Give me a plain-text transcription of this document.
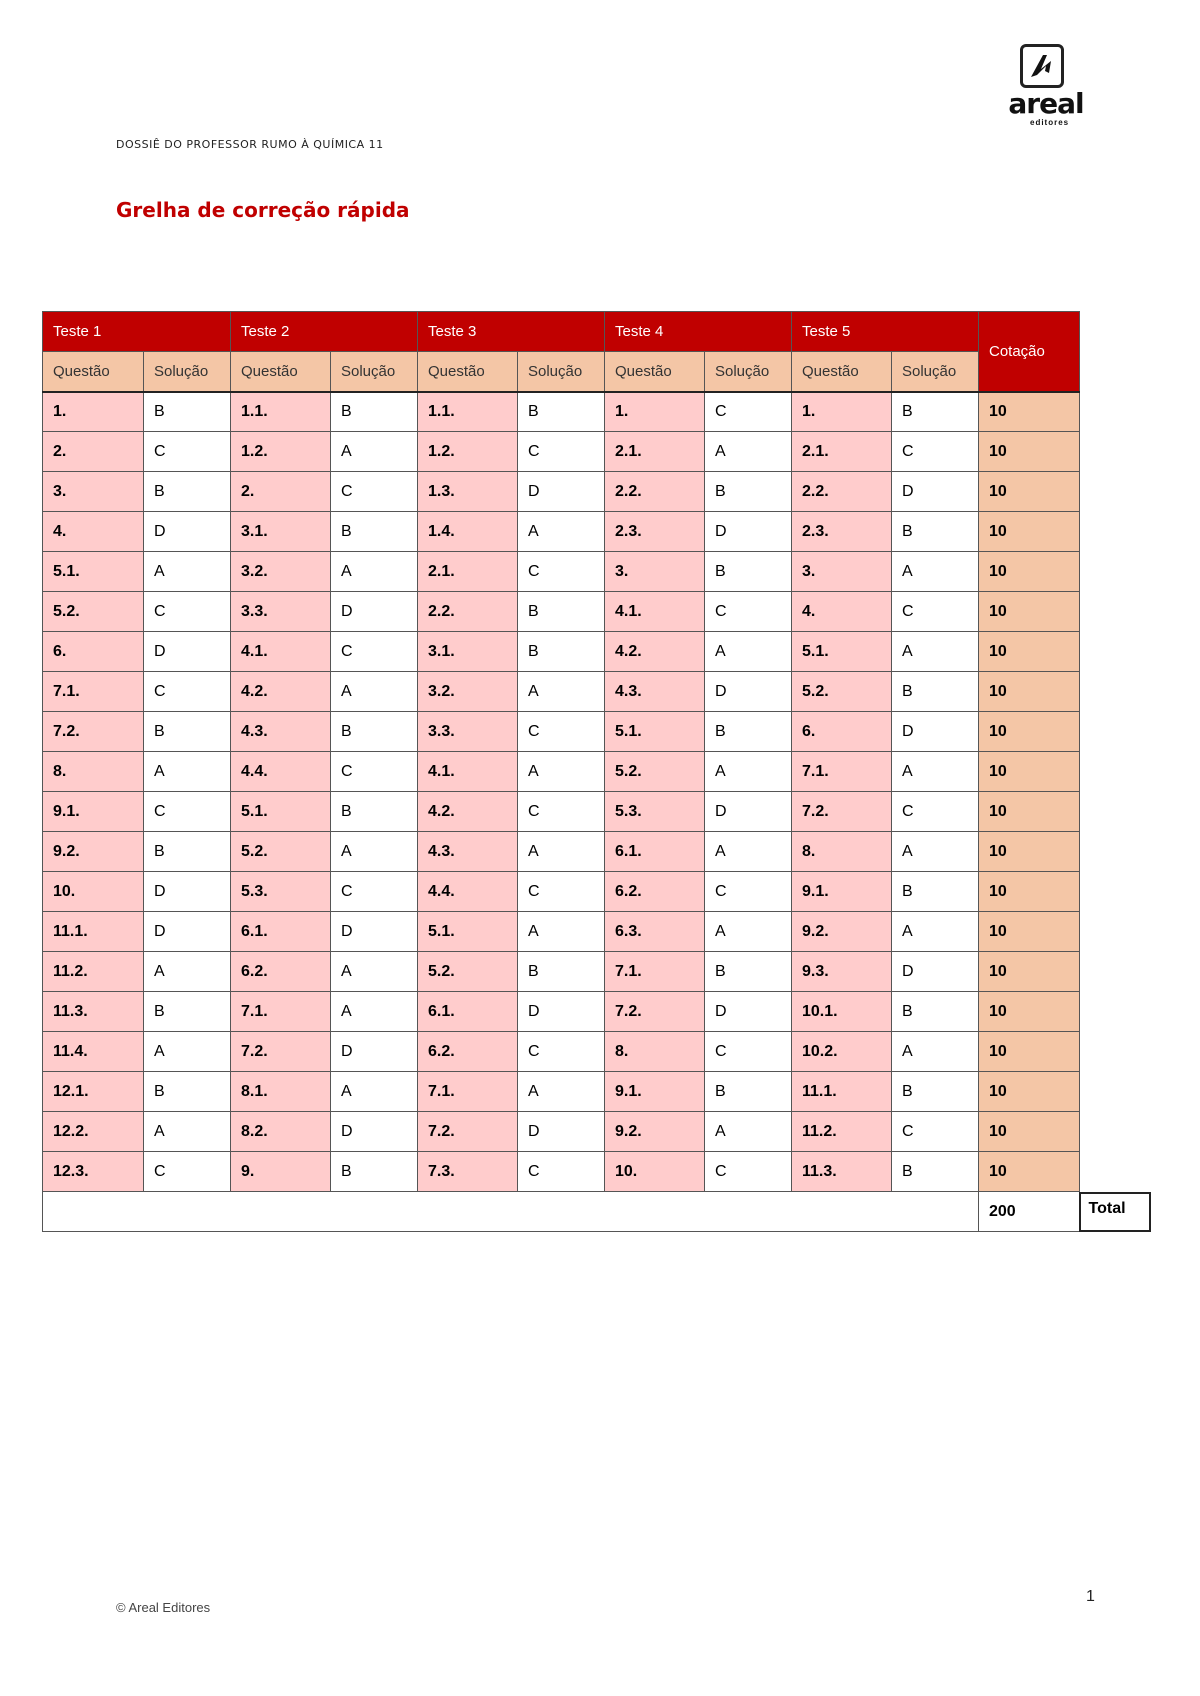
areal
editores
DOSSIÊ DO PROFESSOR RUMO À QUÍMICA 11
Grelha de correção rápida
Teste 1		Teste 2		Teste 3		Teste 4		Teste 5		Cotação
Questão	Solução	Questão	Solução	Questão	Solução	Questão	Solução	Questão	Solução	
1.	B	1.1.	B	1.1.	B	1.	C	1.	B	10
2.	C	1.2.	A	1.2.	C	2.1.	A	2.1.	C	10
3.	B	2.	C	1.3.	D	2.2.	B	2.2.	D	10
4.	D	3.1.	B	1.4.	A	2.3.	D	2.3.	B	10
5.1.	A	3.2.	A	2.1.	C	3.	B	3.	A	10
5.2.	C	3.3.	D	2.2.	B	4.1.	C	4.	C	10
6.	D	4.1.	C	3.1.	B	4.2.	A	5.1.	A	10
7.1.	C	4.2.	A	3.2.	A	4.3.	D	5.2.	B	10
7.2.	B	4.3.	B	3.3.	C	5.1.	B	6.	D	10
8.	A	4.4.	C	4.1.	A	5.2.	A	7.1.	A	10
9.1.	C	5.1.	B	4.2.	C	5.3.	D	7.2.	C	10
9.2.	B	5.2.	A	4.3.	A	6.1.	A	8.	A	10
10.	D	5.3.	C	4.4.	C	6.2.	C	9.1.	B	10
11.1.	D	6.1.	D	5.1.	A	6.3.	A	9.2.	A	10
11.2.	A	6.2.	A	5.2.	B	7.1.	B	9.3.	D	10
11.3.	B	7.1.	A	6.1.	D	7.2.	D	10.1.	B	10
11.4.	A	7.2.	D	6.2.	C	8.	C	10.2.	A	10
12.1.	B	8.1.	A	7.1.	A	9.1.	B	11.1.	B	10
12.2.	A	8.2.	D	7.2.	D	9.2.	A	11.2.	C	10
12.3.	C	9.	B	7.3.	C	10.	C	11.3.	B	10
										200
1
© Areal Editores
Total
